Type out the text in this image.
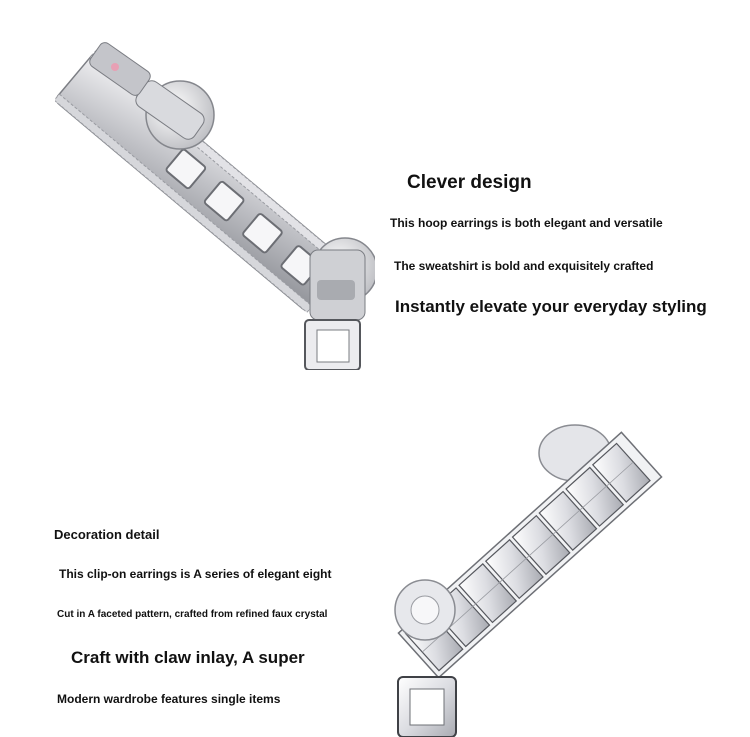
Clever design
This hoop earrings is both elegant and versatile
The sweatshirt is bold and exquisitely crafted
Instantly elevate your everyday styling
Decoration detail
This clip-on earrings is A series of elegant eight
Cut in A faceted pattern, crafted from refined faux crystal
Craft with claw inlay, A super
Modern wardrobe features single items
